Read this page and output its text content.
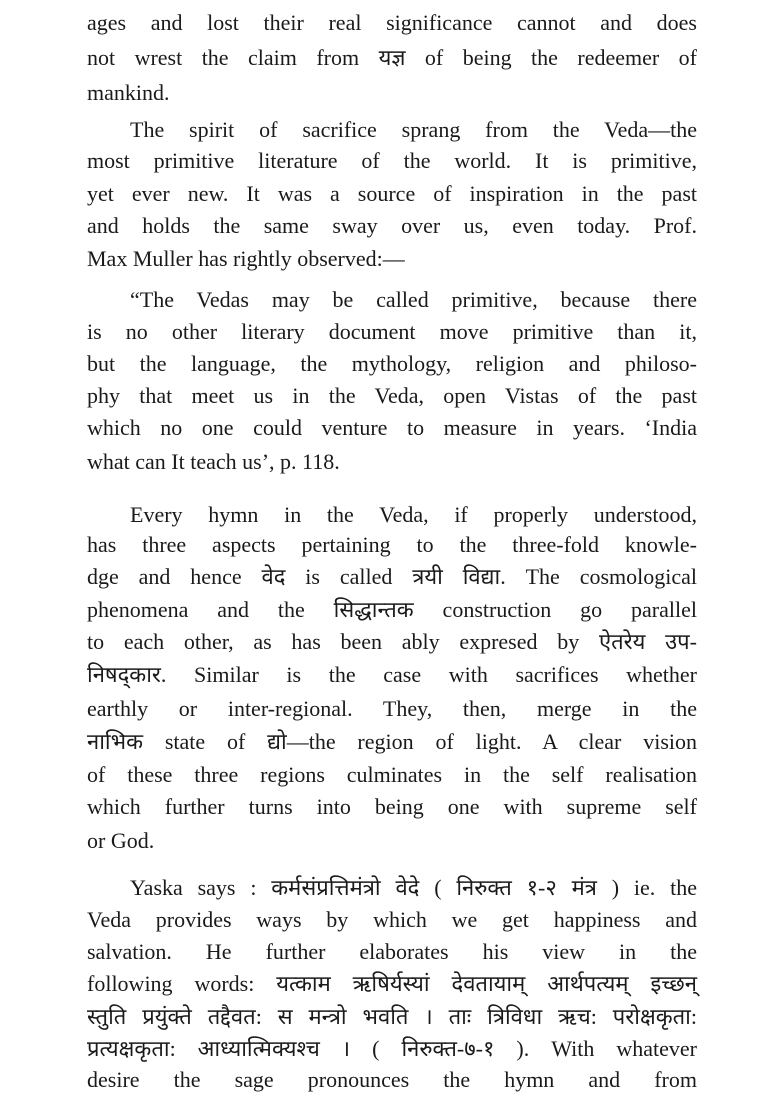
ages and lost their real significance cannot and does
not wrest the claim from यज्ञ of being the redeemer of
mankind.
The spirit of sacrifice sprang from the Veda—the
most primitive literature of the world. It is primitive,
yet ever new. It was a source of inspiration in the past
and holds the same sway over us, even today. Prof.
Max Muller has rightly observed:—
“The Vedas may be called primitive, because there
is no other literary document move primitive than it,
but the language, the mythology, religion and philoso-
phy that meet us in the Veda, open Vistas of the past
which no one could venture to measure in years. ‘India
what can It teach us’, p. 118.
Every hymn in the Veda, if properly understood,
has three aspects pertaining to the three-fold knowle-
dge and hence वेद is called त्रयी विद्या. The cosmological
phenomena and the सिद्धान्तक construction go parallel
to each other, as has been ably expresed by ऐतरेय उप-
निषद्कार. Similar is the case with sacrifices whether
earthly or inter-regional. They, then, merge in the
नाभिक state of द्यो—the region of light. A clear vision
of these three regions culminates in the self realisation
which further turns into being one with supreme self
or God.
Yaska says : कर्मसंप्रत्तिमंत्रो वेदे ( निरुक्त १-२ मंत्र ) ie. the
Veda provides ways by which we get happiness and
salvation. He further elaborates his view in the
following words: यत्काम ऋषिर्यस्यां देवतायाम् आर्थपत्यम् इच्छन्
स्तुति प्रयुंक्ते तद्दैवत: स मन्त्रो भवति । ताः त्रिविधा ऋच: परोक्षकृता:
प्रत्यक्षकृता: आध्यात्मिक्यश्च । ( निरुक्त-७-१ ). With whatever
desire the sage pronounces the hymn and from
